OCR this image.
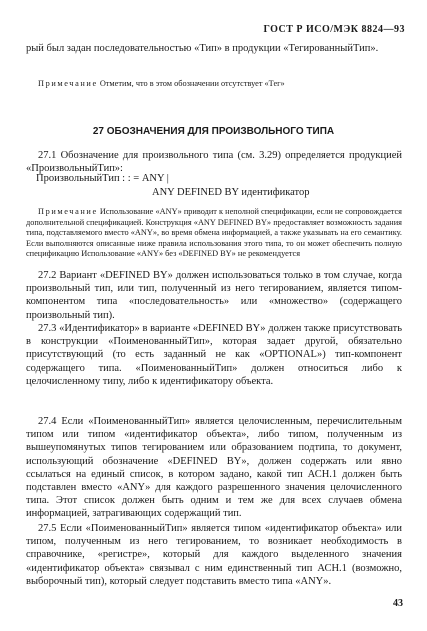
ГОСТ Р ИСО/МЭК 8824—93

рый был задан последовательностью «Тип» в продукции «ТегированныйТип».

Примечание Отметим, что в этом обозначении отсутствует «Тег»

27 ОБОЗНАЧЕНИЯ ДЛЯ ПРОИЗВОЛЬНОГО ТИПА

27.1 Обозначение для произвольного типа (см. 3.29) определяется продукцией «ПроизвольныйТип»:

ПроизвольныйТип : : = ANY |
ANY DEFINED BY идентификатор

Примечание Использование «ANY» приводит к неполной спецификации, если не сопровождается дополнительной спецификацией. Конструкция «ANY DEFINED BY» предоставляет возможность задания типа, подставляемого вместо «ANY», во время обмена информацией, а также указывать на его семантику. Если выполняются описанные ниже правила использования этого типа, то он может обеспечить полную спецификацию Использование «ANY» без «DEFINED BY» не рекомендуется

27.2 Вариант «DEFINED BY» должен использоваться только в том случае, когда произвольный тип, или тип, полученный из него тегированием, является типом-компонентом типа «последовательность» или «множество» (содержащего произвольный тип).

27.3 «Идентификатор» в варианте «DEFINED BY» должен также присутствовать в конструкции «ПоименованныйТип», которая задает другой, обязательно присутствующий (то есть заданный не как «OPTIONAL») тип-компонент содержащего типа. «ПоименованныйТип» должен относиться либо к целочисленному типу, либо к идентификатору объекта.

27.4 Если «ПоименованныйТип» является целочисленным, перечислительным типом или типом «идентификатор объекта», либо типом, полученным из вышеупомянутых типов тегированием или образованием подтипа, то документ, использующий обозначение «DEFINED BY», должен содержать или явно ссылаться на единый список, в котором задано, какой тип АСН.1 должен быть подставлен вместо «ANY» для каждого разрешенного значения целочисленного типа. Этот список должен быть одним и тем же для всех случаев обмена информацией, затрагивающих содержащий тип.

27.5 Если «ПоименованныйТип» является типом «идентификатор объекта» или типом, полученным из него тегированием, то возникает необходимость в справочнике, «регистре», который для каждого выделенного значения «идентификатор объекта» связывал с ним единственный тип АСН.1 (возможно, выборочный тип), который следует подставить вместо типа «ANY».

43
